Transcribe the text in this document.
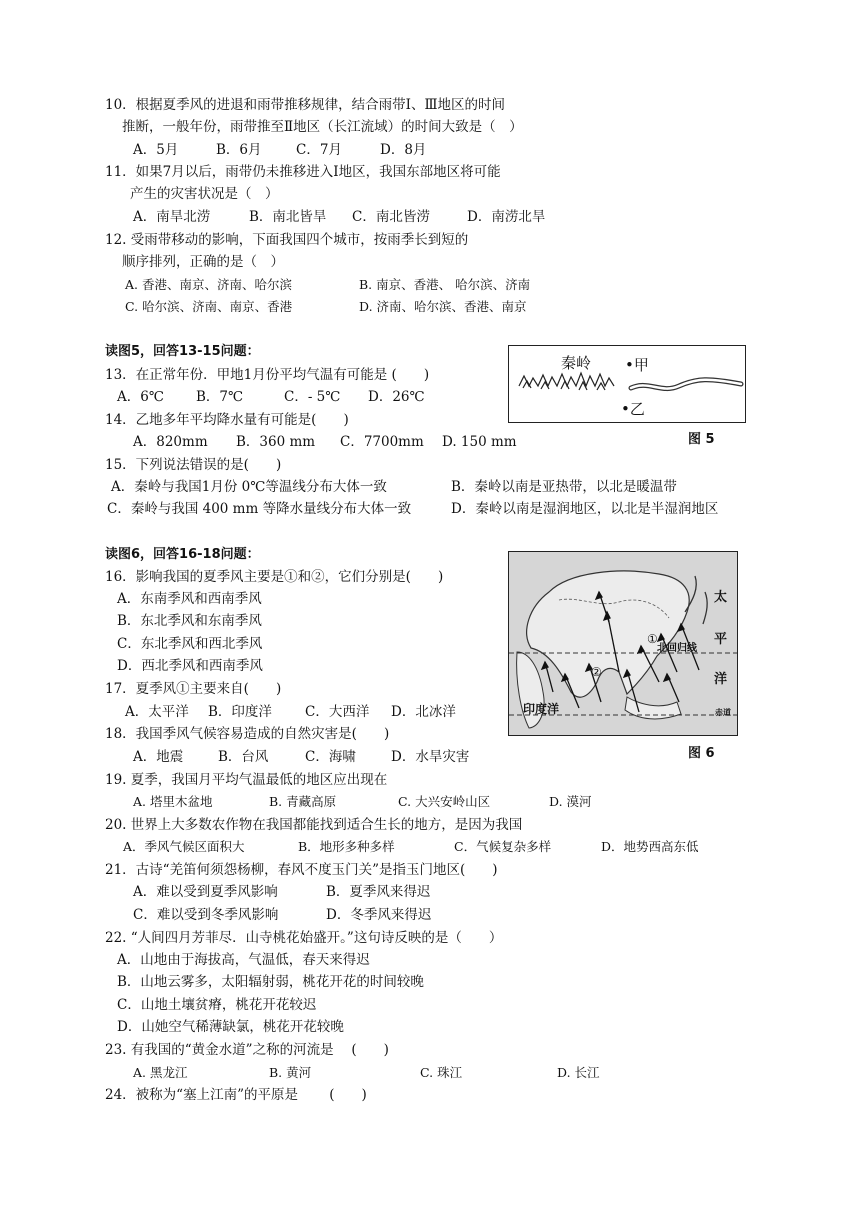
10．根据夏季风的进退和雨带推移规律，结合雨带Ⅰ、Ⅲ地区的时间
推断，一般年份，雨带推至Ⅱ地区（长江流域）的时间大致是（　）
A．5月	B．6月	C．7月	D．8月
11．如果7月以后，雨带仍未推移进入Ⅰ地区，我国东部地区将可能
产生的灾害状况是（　）
A．南旱北涝	B．南北皆旱 C．南北皆涝	D．南涝北旱
12. 受雨带移动的影响，下面我国四个城市，按雨季长到短的
顺序排列，正确的是（　）
A. 香港、南京、济南、哈尔滨	B. 南京、香港、 哈尔滨、济南
C. 哈尔滨、济南、南京、香港	D. 济南、哈尔滨、香港、南京
读图5，回答13-15问题：
秦岭 •甲
•乙
图 5
13．在正常年份．甲地1月份平均气温有可能是 (　　)
A．6℃ B．7℃	C．- 5℃ D．26℃
14．乙地多年平均降水量有可能是(　　)
A．820mm B．360 mm C．7700mm D. 150 mm
15．下列说法错误的是(　　)
A．秦岭与我国1月份 0℃等温线分布大体一致	B．秦岭以南是亚热带，以北是暖温带
C．秦岭与我国 400 mm 等降水量线分布大体一致	D．秦岭以南是湿润地区，以北是半湿润地区
读图6，回答16-18问题：
太
平
洋
北回归线
印度洋	赤道
①
②
图 6
16．影响我国的夏季风主要是①和②，它们分别是(　　)
A．东南季风和西南季风
B．东北季风和东南季风
C．东北季风和西北季风
D．西北季风和西南季风
17．夏季风①主要来自(　　)
A．太平洋 B．印度洋 C．大西洋 D．北冰洋
18．我国季风气候容易造成的自然灾害是(　　)
A．地震	B．台风	C．海啸	D．水旱灾害
19. 夏季，我国月平均气温最低的地区应出现在
A. 塔里木盆地	B. 青藏高原	C. 大兴安岭山区	D. 漠河
20. 世界上大多数农作物在我国都能找到适合生长的地方，是因为我国
A．季风气候区面积大	B．地形多种多样	C．气候复杂多样	D．地势西高东低
21．古诗“羌笛何须怨杨柳，春风不度玉门关”是指玉门地区(　　)
A．难以受到夏季风影响	B．夏季风来得迟
C．难以受到冬季风影响	D．冬季风来得迟
22. “人间四月芳菲尽．山寺桃花始盛开。”这句诗反映的是（　　）
A．山地由于海拔高，气温低，春天来得迟
B．山地云雾多，太阳辐射弱，桃花开花的时间较晚
C．山地土壤贫瘠，桃花开花较迟
D．山她空气稀薄缺氯，桃花开花较晚
23. 有我国的“黄金水道”之称的河流是　 (　　)
A. 黑龙江	B. 黄河	C. 珠江	D. 长江
24．被称为“塞上江南”的平原是　　 (　　)
